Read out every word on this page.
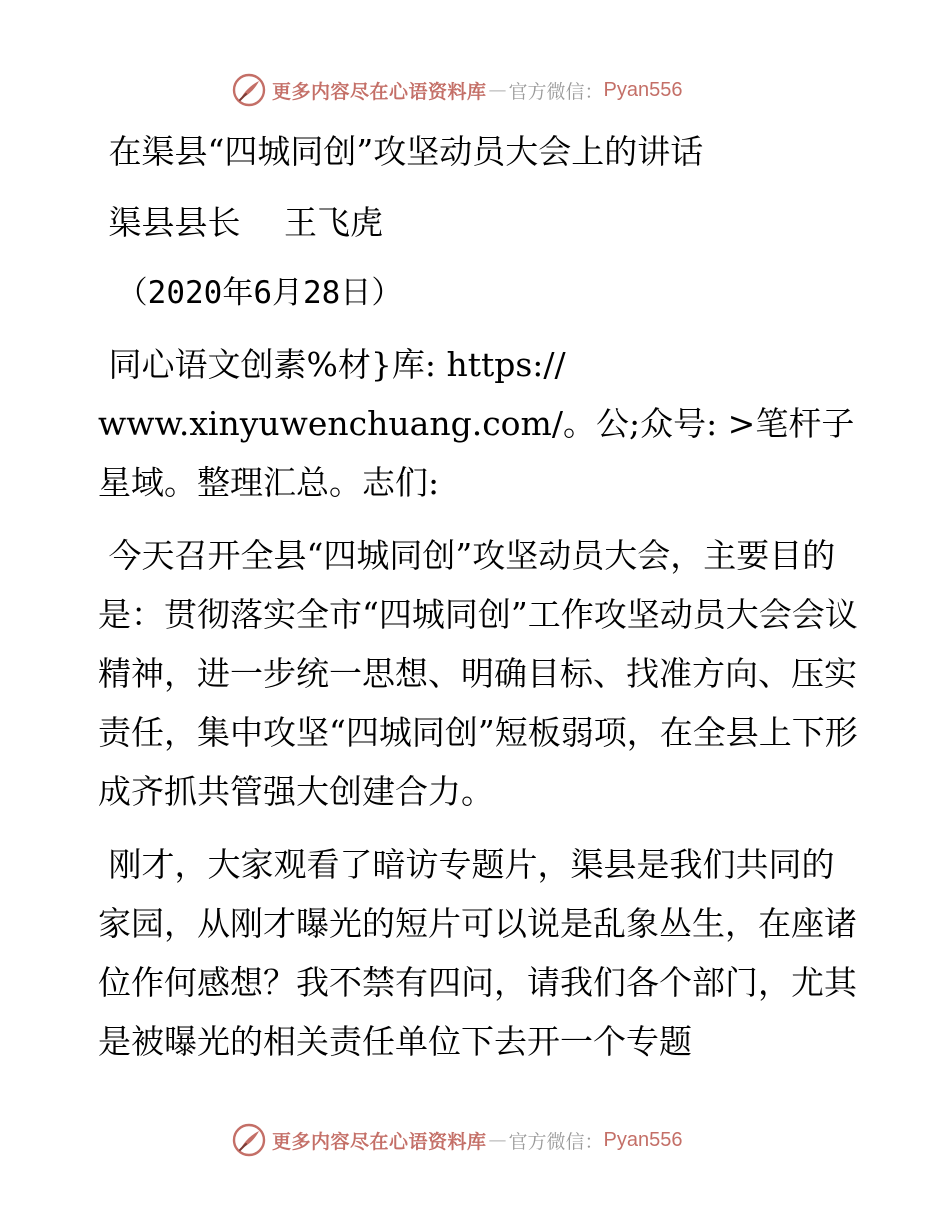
更多内容尽在心语资料库 — 官方微信： Pyan556

在渠县“四城同创”攻坚动员大会上的讲话

渠县县长　 王飞虎

（2020年6月28日）

同心语文创素%材}库: https://
www.xinyuwenchuang.com/。公;众号: >笔杆子星域。整理汇总。志们:

今天召开全县“四城同创”攻坚动员大会，主要目的是：贯彻落实全市“四城同创”工作攻坚动员大会会议精神，进一步统一思想、明确目标、找准方向、压实责任，集中攻坚“四城同创”短板弱项，在全县上下形成齐抓共管强大创建合力。

刚才，大家观看了暗访专题片，渠县是我们共同的家园，从刚才曝光的短片可以说是乱象丛生，在座诸位作何感想？我不禁有四问，请我们各个部门，尤其是被曝光的相关责任单位下去开一个专题

更多内容尽在心语资料库 — 官方微信： Pyan556
